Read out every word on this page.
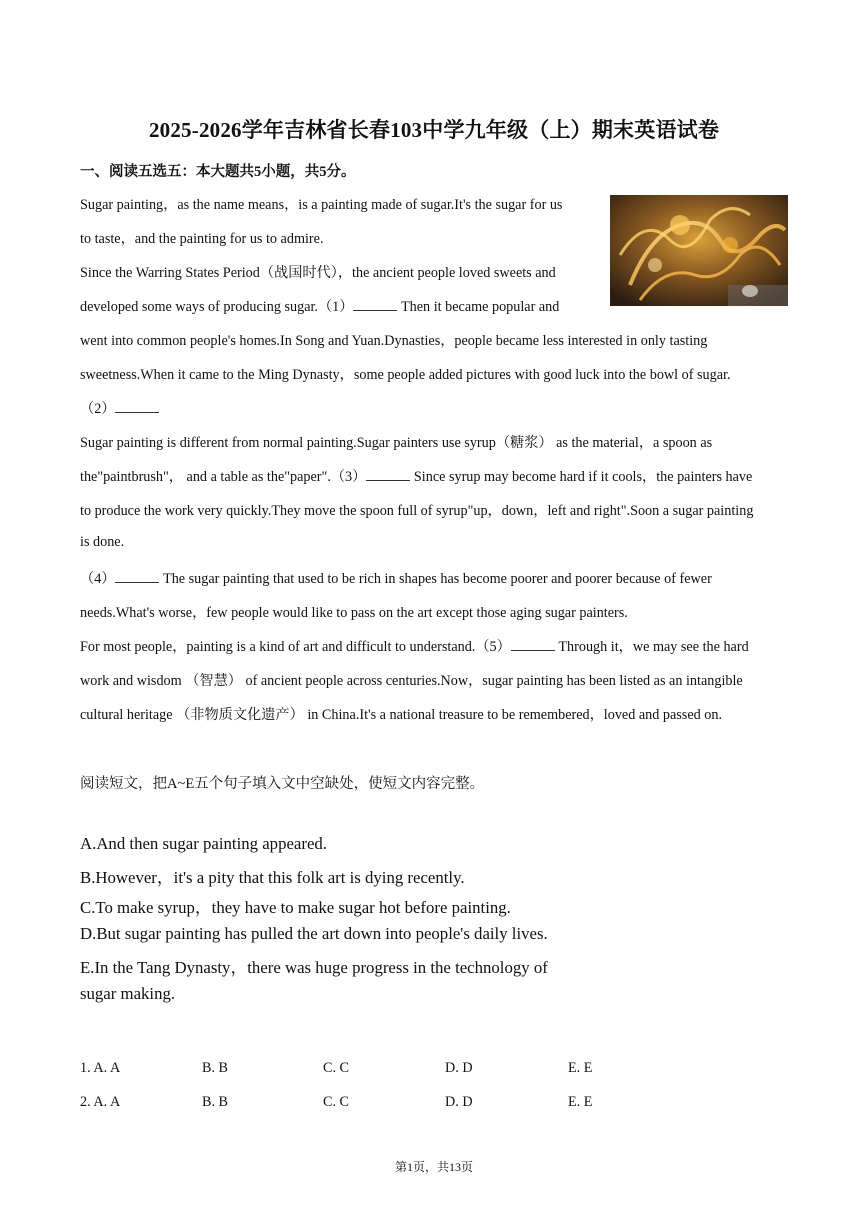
2025-2026学年吉林省长春103中学九年级（上）期末英语试卷
一、阅读五选五：本大题共5小题，共5分。
Sugar painting，as the name means，is a painting made of sugar.It's the sugar for us
to taste，and the painting for us to admire.
Since the Warring States Period（战国时代），the ancient people loved sweets and
developed some ways of producing sugar.（1）	Then it became popular and
went into common people's homes.In Song and Yuan.Dynasties，people became less interested in only tasting
sweetness.When it came to the Ming Dynasty，some people added pictures with good luck into the bowl of sugar.
（2）
Sugar painting is different from normal painting.Sugar painters use syrup（糖浆） as the material，a spoon as
the"paintbrush"， and a table as the"paper".（3）	Since syrup may become hard if it cools，the painters have
to produce the work very quickly.They move the spoon full of syrup"up，down，left and right".Soon a sugar painting
is done.
（4）	The sugar painting that used to be rich in shapes has become poorer and poorer because of fewer
needs.What's worse，few people would like to pass on the art except those aging sugar painters.
For most people，painting is a kind of art and difficult to understand.（5）	Through it，we may see the hard
work and wisdom （智慧） of ancient people across centuries.Now，sugar painting has been listed as an intangible
cultural heritage （非物质文化遗产） in China.It's a national treasure to be remembered，loved and passed on.
阅读短文，把A~E五个句子填入文中空缺处，使短文内容完整。
A.And then sugar painting appeared.
B.However，it's a pity that this folk art is dying recently.
C.To make syrup，they have to make sugar hot before painting.
D.But sugar painting has pulled the art down into people's daily lives.
E.In the Tang Dynasty，there was huge progress in the technology of
sugar making.
1. A. A	B. B	C. C	D. D	E. E
2. A. A	B. B	C. C	D. D	E. E
第1页，共13页
